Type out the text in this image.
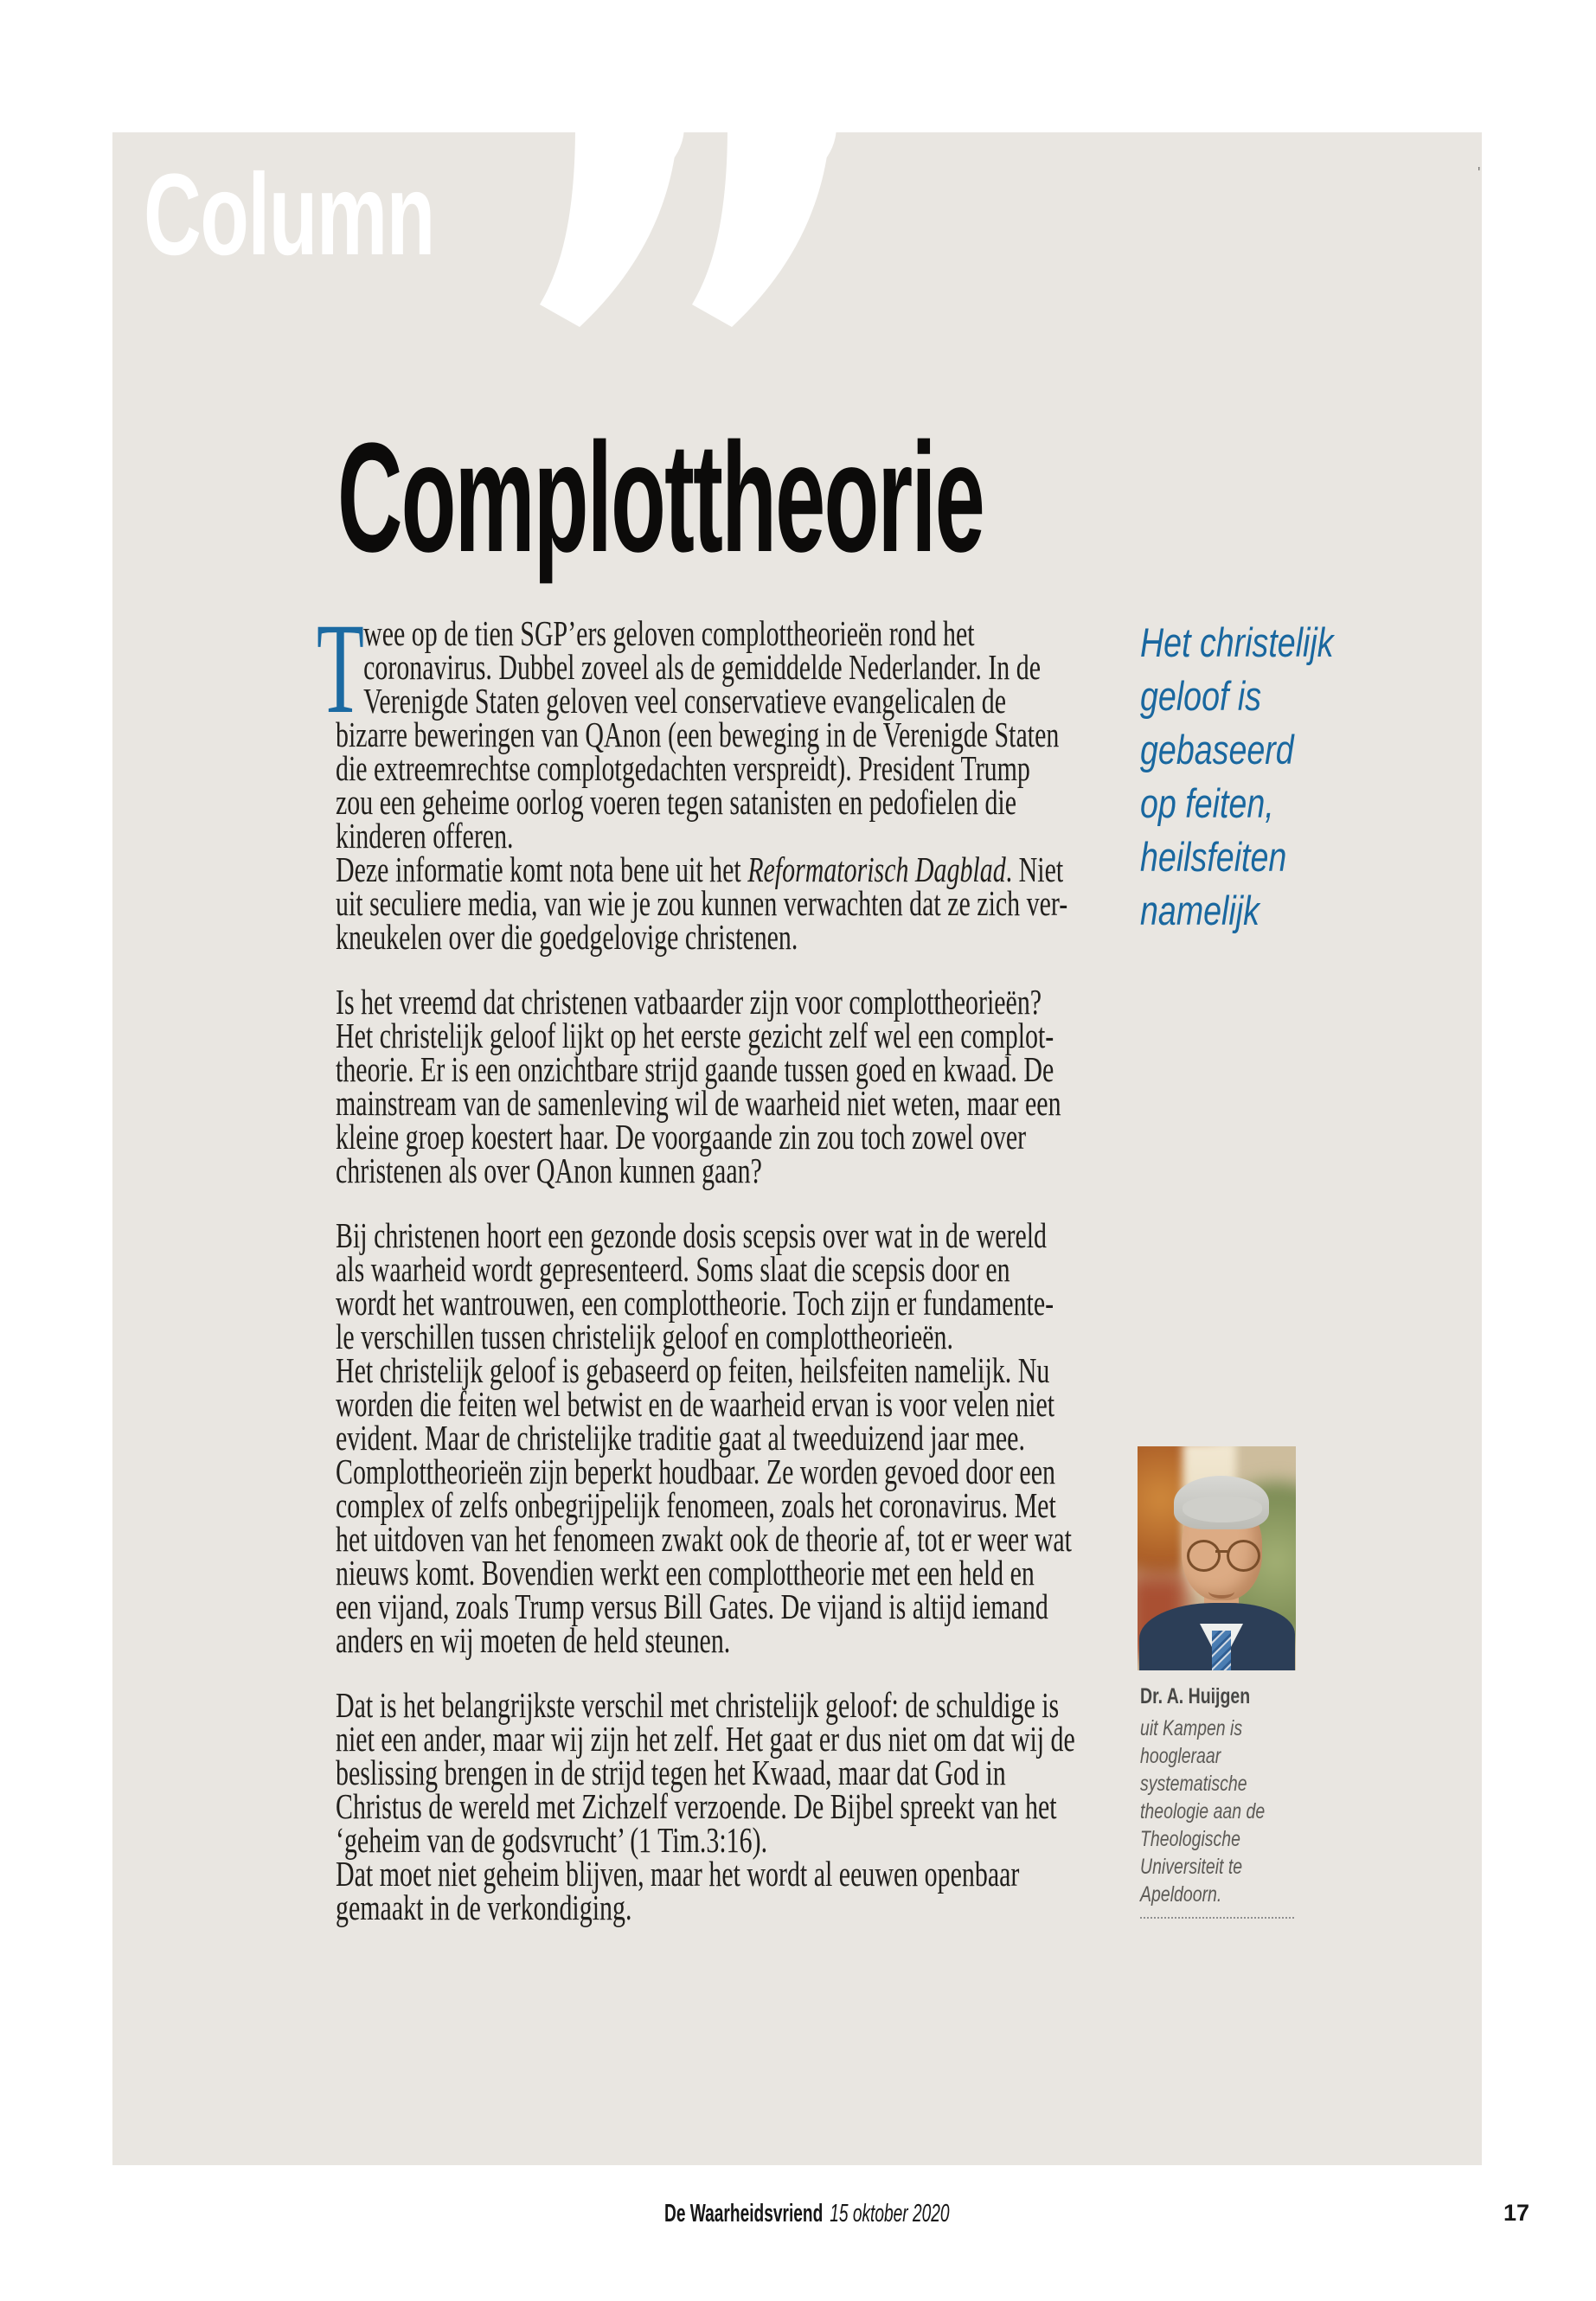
Column	'
Complottheorie
T wee op de tien SGP’ers geloven complottheorieën rond het
coronavirus. Dubbel zoveel als de gemiddelde Nederlander. In de
Verenigde Staten geloven veel conservatieve evangelicalen de
bizarre beweringen van QAnon (een beweging in de Verenigde Staten
die extreemrechtse complotgedachten verspreidt). President Trump
zou een geheime oorlog voeren tegen satanisten en pedofielen die
kinderen offeren.
Deze informatie komt nota bene uit het Reformatorisch Dagblad. Niet
uit seculiere media, van wie je zou kunnen verwachten dat ze zich ver-
kneukelen over die goedgelovige christenen.
Is het vreemd dat christenen vatbaarder zijn voor complottheorieën?
Het christelijk geloof lijkt op het eerste gezicht zelf wel een complot-
theorie. Er is een onzichtbare strijd gaande tussen goed en kwaad. De
mainstream van de samenleving wil de waarheid niet weten, maar een
kleine groep koestert haar. De voorgaande zin zou toch zowel over
christenen als over QAnon kunnen gaan?
Bij christenen hoort een gezonde dosis scepsis over wat in de wereld
als waarheid wordt gepresenteerd. Soms slaat die scepsis door en
wordt het wantrouwen, een complottheorie. Toch zijn er fundamente-
le verschillen tussen christelijk geloof en complottheorieën.
Het christelijk geloof is gebaseerd op feiten, heilsfeiten namelijk. Nu
worden die feiten wel betwist en de waarheid ervan is voor velen niet
evident. Maar de christelijke traditie gaat al tweeduizend jaar mee.
Complottheorieën zijn beperkt houdbaar. Ze worden gevoed door een
complex of zelfs onbegrijpelijk fenomeen, zoals het coronavirus. Met
het uitdoven van het fenomeen zwakt ook de theorie af, tot er weer wat
nieuws komt. Bovendien werkt een complottheorie met een held en
een vijand, zoals Trump versus Bill Gates. De vijand is altijd iemand
anders en wij moeten de held steunen.
Dat is het belangrijkste verschil met christelijk geloof: de schuldige is
niet een ander, maar wij zijn het zelf. Het gaat er dus niet om dat wij de
beslissing brengen in de strijd tegen het Kwaad, maar dat God in
Christus de wereld met Zichzelf verzoende. De Bijbel spreekt van het
‘geheim van de godsvrucht’ (1 Tim.3:16).
Dat moet niet geheim blijven, maar het wordt al eeuwen openbaar
gemaakt in de verkondiging.
Het christelijk
geloof is
gebaseerd
op feiten,
heilsfeiten
namelijk
Dr. A. Huijgen
uit Kampen is
hoogleraar
systematische
theologie aan de
Theologische
Universiteit te
Apeldoorn.
De Waarheidsvriend 15 oktober 2020	17
